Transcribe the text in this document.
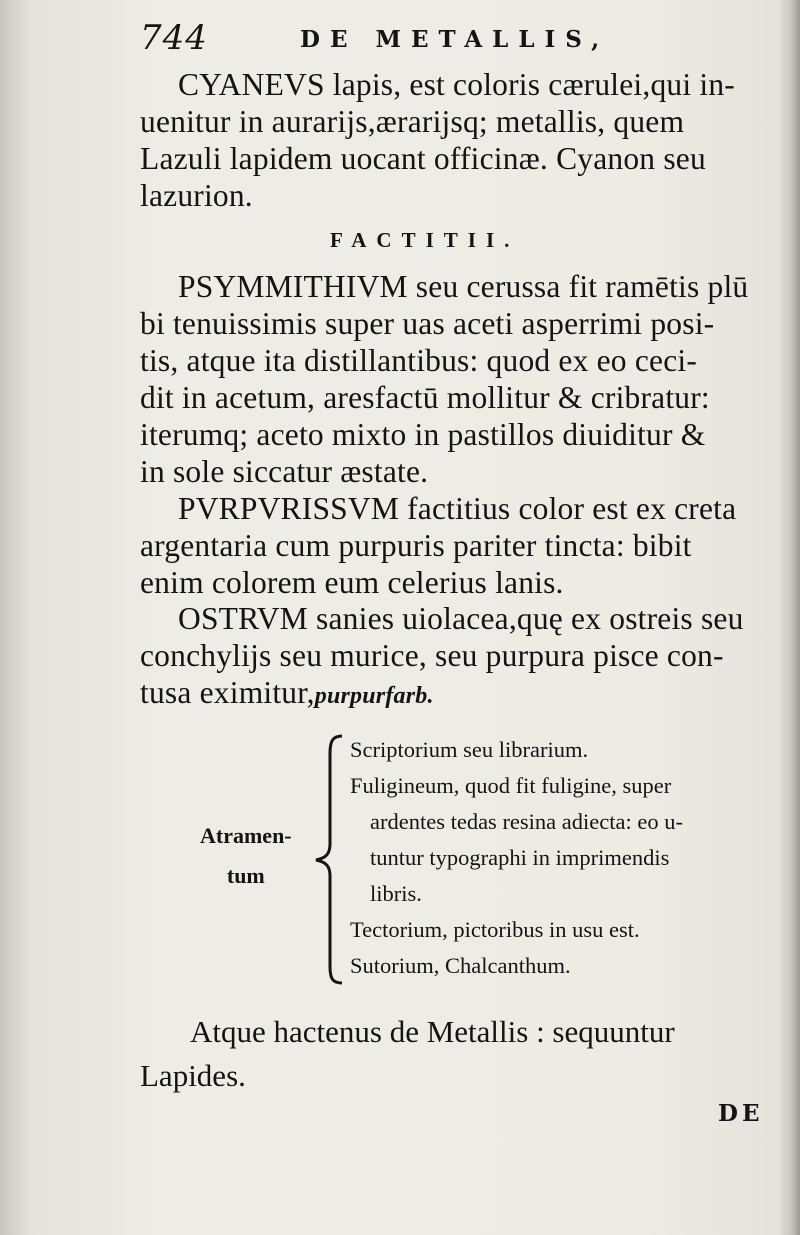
744	DE METALLIS,
CYANEVS lapis, est coloris cærulei,qui in-
uenitur in aurarijs,ærarijsq; metallis, quem
Lazuli lapidem uocant officinæ. Cyanon seu
lazurion.
FACTITII.
PSYMMITHIVM seu cerussa fit ramētis plū
bi tenuissimis super uas aceti asperrimi posi-
tis, atque ita distillantibus: quod ex eo ceci-
dit in acetum, aresfactū mollitur & cribratur:
iterumq; aceto mixto in pastillos diuiditur &
in sole siccatur æstate.
PVRPVRISSVM factitius color est ex creta
argentaria cum purpuris pariter tincta: bibit
enim colorem eum celerius lanis.
OSTRVM sanies uiolacea,quę ex ostreis seu
conchylijs seu murice, seu purpura pisce con-
tusa eximitur,purpurfarb.
Atramen-
tum
Scriptorium seu librarium.
Fuligineum, quod fit fuligine, super
ardentes tedas resina adiecta: eo u-
tuntur typographi in imprimendis
libris.
Tectorium, pictoribus in usu est.
Sutorium, Chalcanthum.
Atque hactenus de Metallis : sequuntur
Lapides.
DE
